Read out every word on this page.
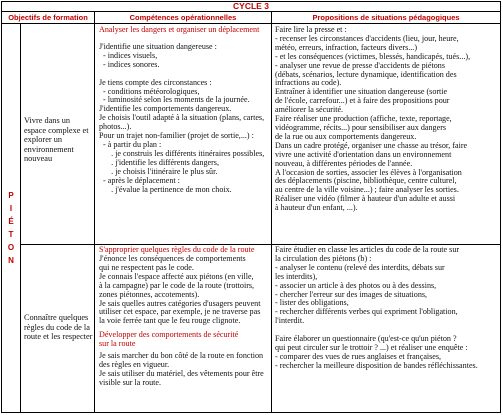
CYCLE 3
Objectifs de formation	Compétences opérationnelles	Propositions de situations pédagogiques
P
I
É
T
O
N
Vivre dans un espace complexe et explorer un environnement nouveau
Analyser les dangers et organiser un déplacement
J'identifie une situation dangereuse :
- indices visuels,
- indices sonores.

Je tiens compte des circonstances :
- conditions météorologiques,
- luminosité selon les moments de la journée.
J'identifie les comportements dangereux.
Je choisis l'outil adapté à la situation (plans, cartes,
photos...).
Pour un trajet non-familier (projet de sortie,...) :
- à partir du plan :
. je construis les différents itinéraires possibles,
. j'identifie les différents dangers,
. je choisis l'itinéraire le plus sûr.
- après le déplacement :
. j'évalue la pertinence de mon choix.
Faire lire la presse et :
- recenser les circonstances d'accidents (lieu, jour, heure,
météo, erreurs, infraction, facteurs divers...)
- et les conséquences (victimes, blessés, handicapés, tués...),
- analyser une revue de presse d'accidents de piétons
(débats, scénarios, lecture dynamique, identification des
infractions au code).
Entraîner à identifier une situation dangereuse (sortie
de l'école, carrefour...) et à faire des propositions pour
améliorer la sécurité.
Faire réaliser une production (affiche, texte, reportage,
vidéogramme, récits...) pour sensibiliser aux dangers
de la rue ou aux comportements dangereux.
Dans un cadre protégé, organiser une chasse au trésor, faire
vivre une activité d'orientation dans un environnement
nouveau, à différentes périodes de l'année.
A l'occasion de sorties, associer les élèves à l'organisation
des déplacements (piscine, bibliothèque, centre culturel,
au centre de la ville voisine...) ; faire analyser les sorties.
Réaliser une vidéo (filmer à hauteur d'un adulte et aussi
à hauteur d'un enfant, ...).
Connaître quelques règles du code de la route et les respecter
S'approprier quelques règles du code de la route
J'énonce les conséquences de comportements
qui ne respectent pas le code.
Je connais l'espace affecté aux piétons (en ville,
à la campagne) par le code de la route (trottoirs,
zones piétonnes, accotements).
Je sais quelles autres catégories d'usagers peuvent
utiliser cet espace, par exemple, je ne traverse pas
la voie ferrée tant que le feu rouge clignote.
Développer des comportements de sécurité
sur la route
Je sais marcher du bon côté de la route en fonction
des règles en vigueur.
Je sais utiliser du matériel, des vêtements pour être
visible sur la route.
Faire étudier en classe les articles du code de la route sur
la circulation des piétons (b) :
- analyser le contenu (relevé des interdits, débats sur
les interdits),
- associer un article à des photos ou à des dessins,
- chercher l'erreur sur des images de situations,
- lister des obligations,
- rechercher différents verbes qui expriment l'obligation,
l'interdit.

Faire élaborer un questionnaire (qu'est-ce qu'un piéton ?
qui peut circuler sur le trottoir ? ...) et réaliser une enquête :
- comparer des vues de rues anglaises et françaises,
- rechercher la meilleure disposition de bandes réfléchissantes.
